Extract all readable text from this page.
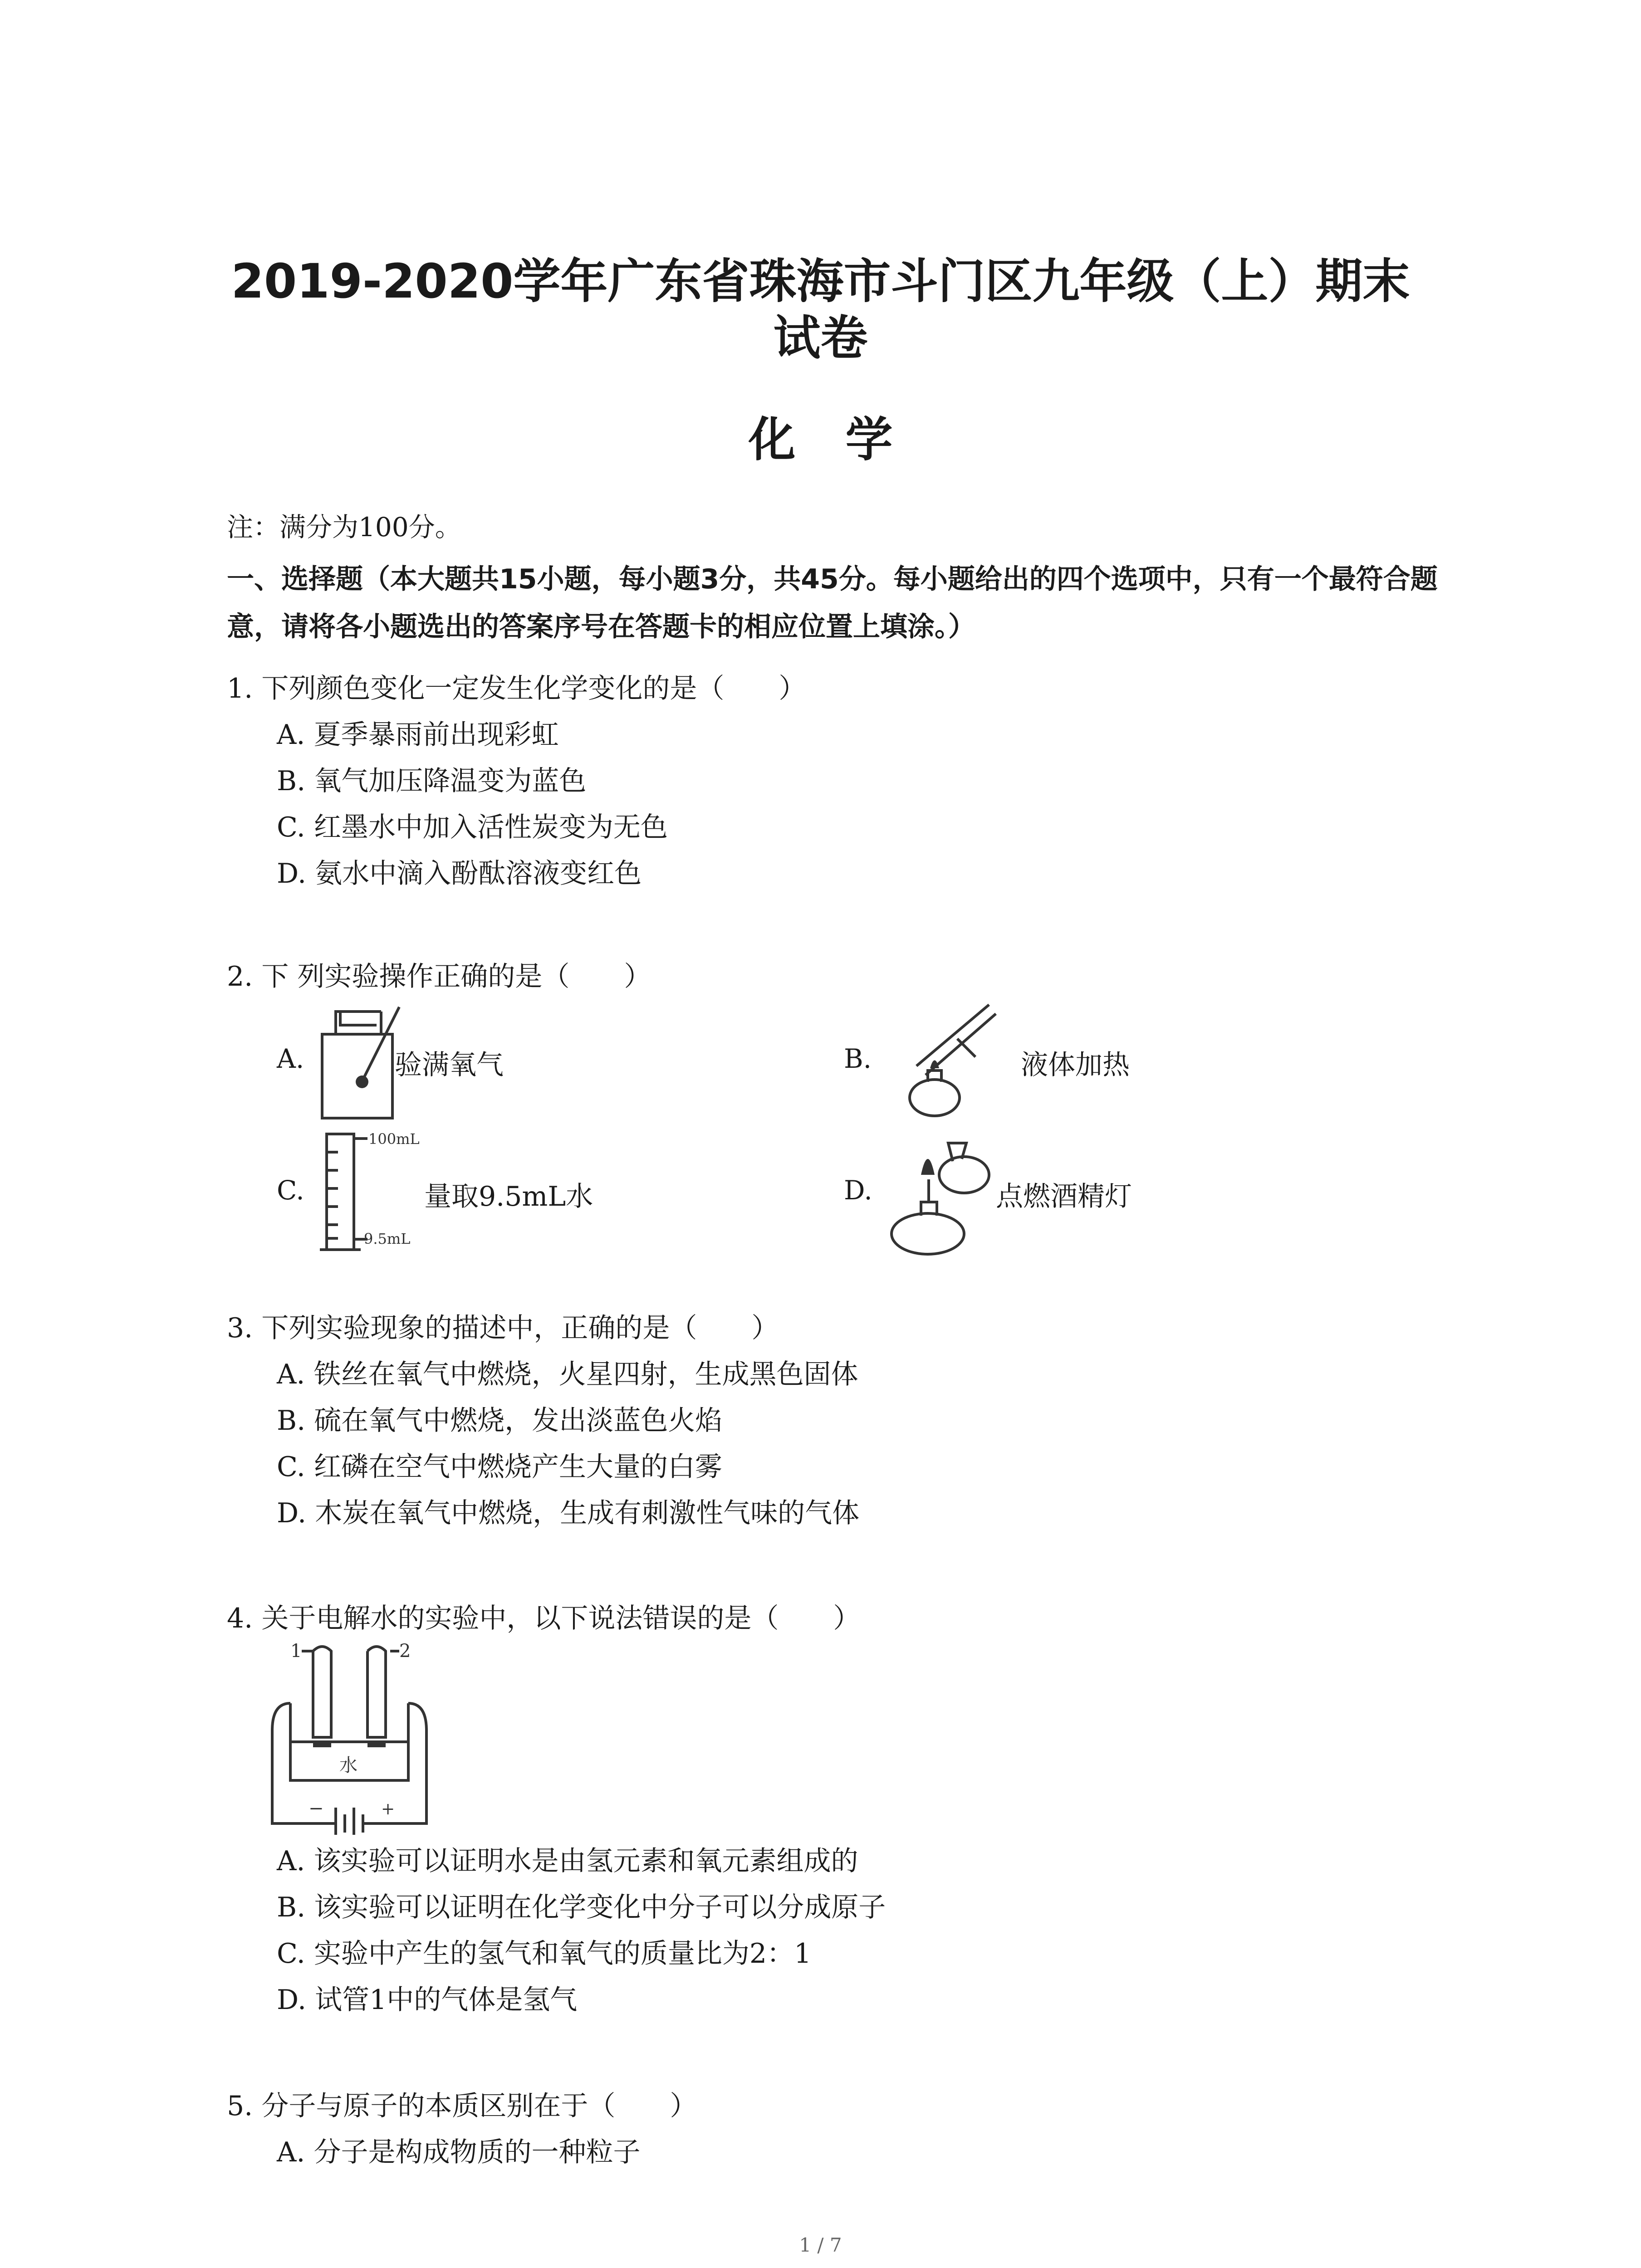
2019-2020学年广东省珠海市斗门区九年级（上）期末
试卷
化学
注：满分为100分。
一、选择题（本大题共15小题，每小题3分，共45分。每小题给出的四个选项中，只有一个最符合题意，请将各小题选出的答案序号在答题卡的相应位置上填涂。）
1. 下列颜色变化一定发生化学变化的是（　　）
A. 夏季暴雨前出现彩虹
B. 氧气加压降温变为蓝色
C. 红墨水中加入活性炭变为无色
D. 氨水中滴入酚酞溶液变红色
2. 下 列实验操作正确的是（　　）
A.	验满氧气	B.	液体加热
C.
100mL
9.5mL
量取9.5mL水	D.	点燃酒精灯
3. 下列实验现象的描述中，正确的是（　　）
A. 铁丝在氧气中燃烧，火星四射，生成黑色固体
B. 硫在氧气中燃烧，发出淡蓝色火焰
C. 红磷在空气中燃烧产生大量的白雾
D. 木炭在氧气中燃烧，生成有刺激性气味的气体
4. 关于电解水的实验中，以下说法错误的是（　　）
1	2
水
−	+
A. 该实验可以证明水是由氢元素和氧元素组成的
B. 该实验可以证明在化学变化中分子可以分成原子
C. 实验中产生的氢气和氧气的质量比为2：1
D. 试管1中的气体是氢气
5. 分子与原子的本质区别在于（　　）
A. 分子是构成物质的一种粒子
1 / 7
